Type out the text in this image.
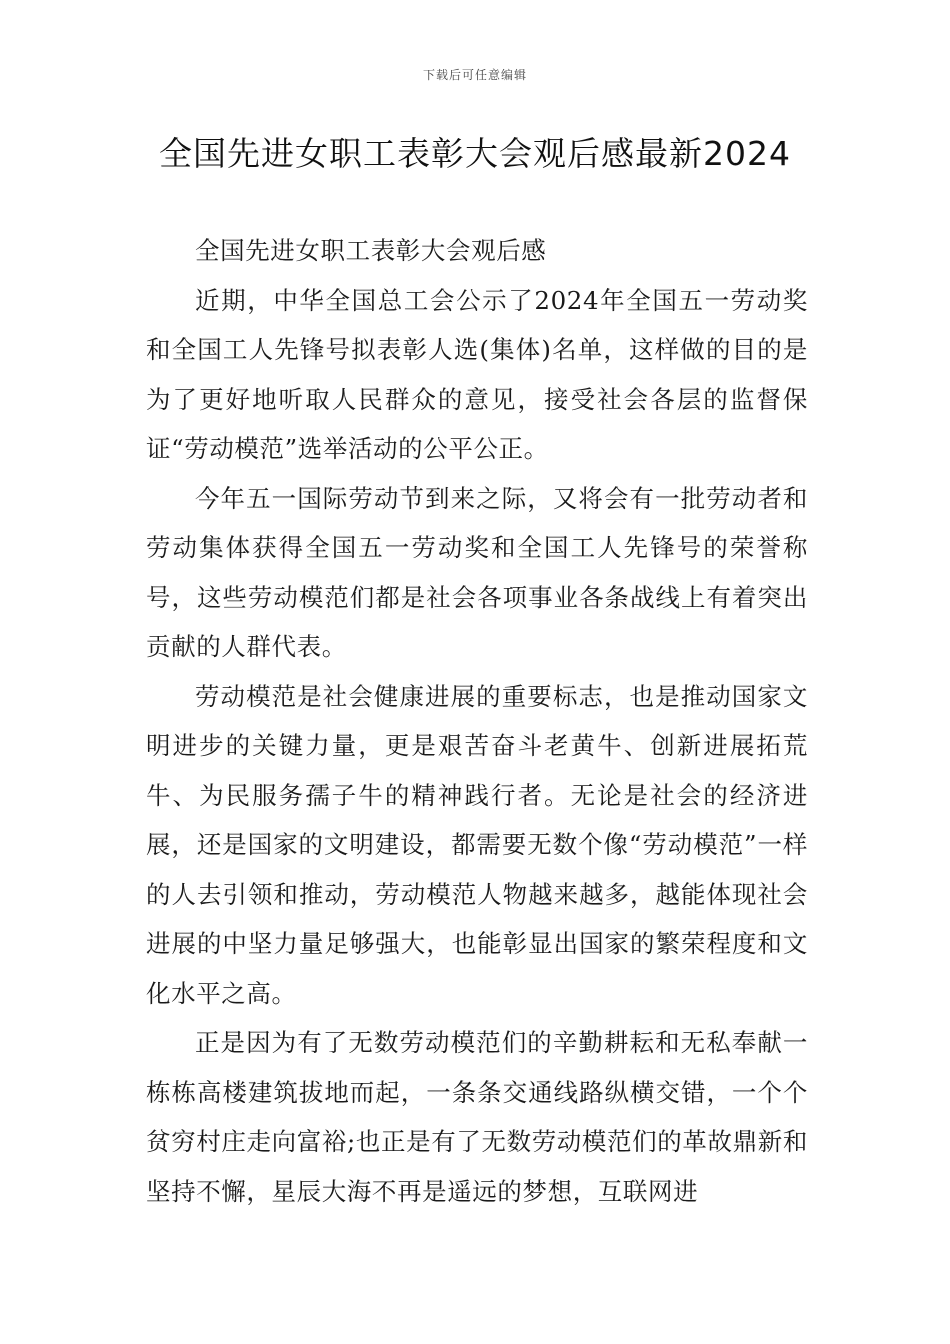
下载后可任意编辑
全国先进女职工表彰大会观后感最新2024

全国先进女职工表彰大会观后感

近期，中华全国总工会公示了2024年全国五一劳动奖和全国工人先锋号拟表彰人选(集体)名单，这样做的目的是为了更好地听取人民群众的意见，接受社会各层的监督保证“劳动模范”选举活动的公平公正。

今年五一国际劳动节到来之际，又将会有一批劳动者和劳动集体获得全国五一劳动奖和全国工人先锋号的荣誉称号，这些劳动模范们都是社会各项事业各条战线上有着突出贡献的人群代表。

劳动模范是社会健康进展的重要标志，也是推动国家文明进步的关键力量，更是艰苦奋斗老黄牛、创新进展拓荒牛、为民服务孺子牛的精神践行者。无论是社会的经济进展，还是国家的文明建设，都需要无数个像“劳动模范”一样的人去引领和推动，劳动模范人物越来越多，越能体现社会进展的中坚力量足够强大，也能彰显出国家的繁荣程度和文化水平之高。

正是因为有了无数劳动模范们的辛勤耕耘和无私奉献一栋栋高楼建筑拔地而起，一条条交通线路纵横交错，一个个贫穷村庄走向富裕;也正是有了无数劳动模范们的革故鼎新和坚持不懈，星辰大海不再是遥远的梦想，互联网进
